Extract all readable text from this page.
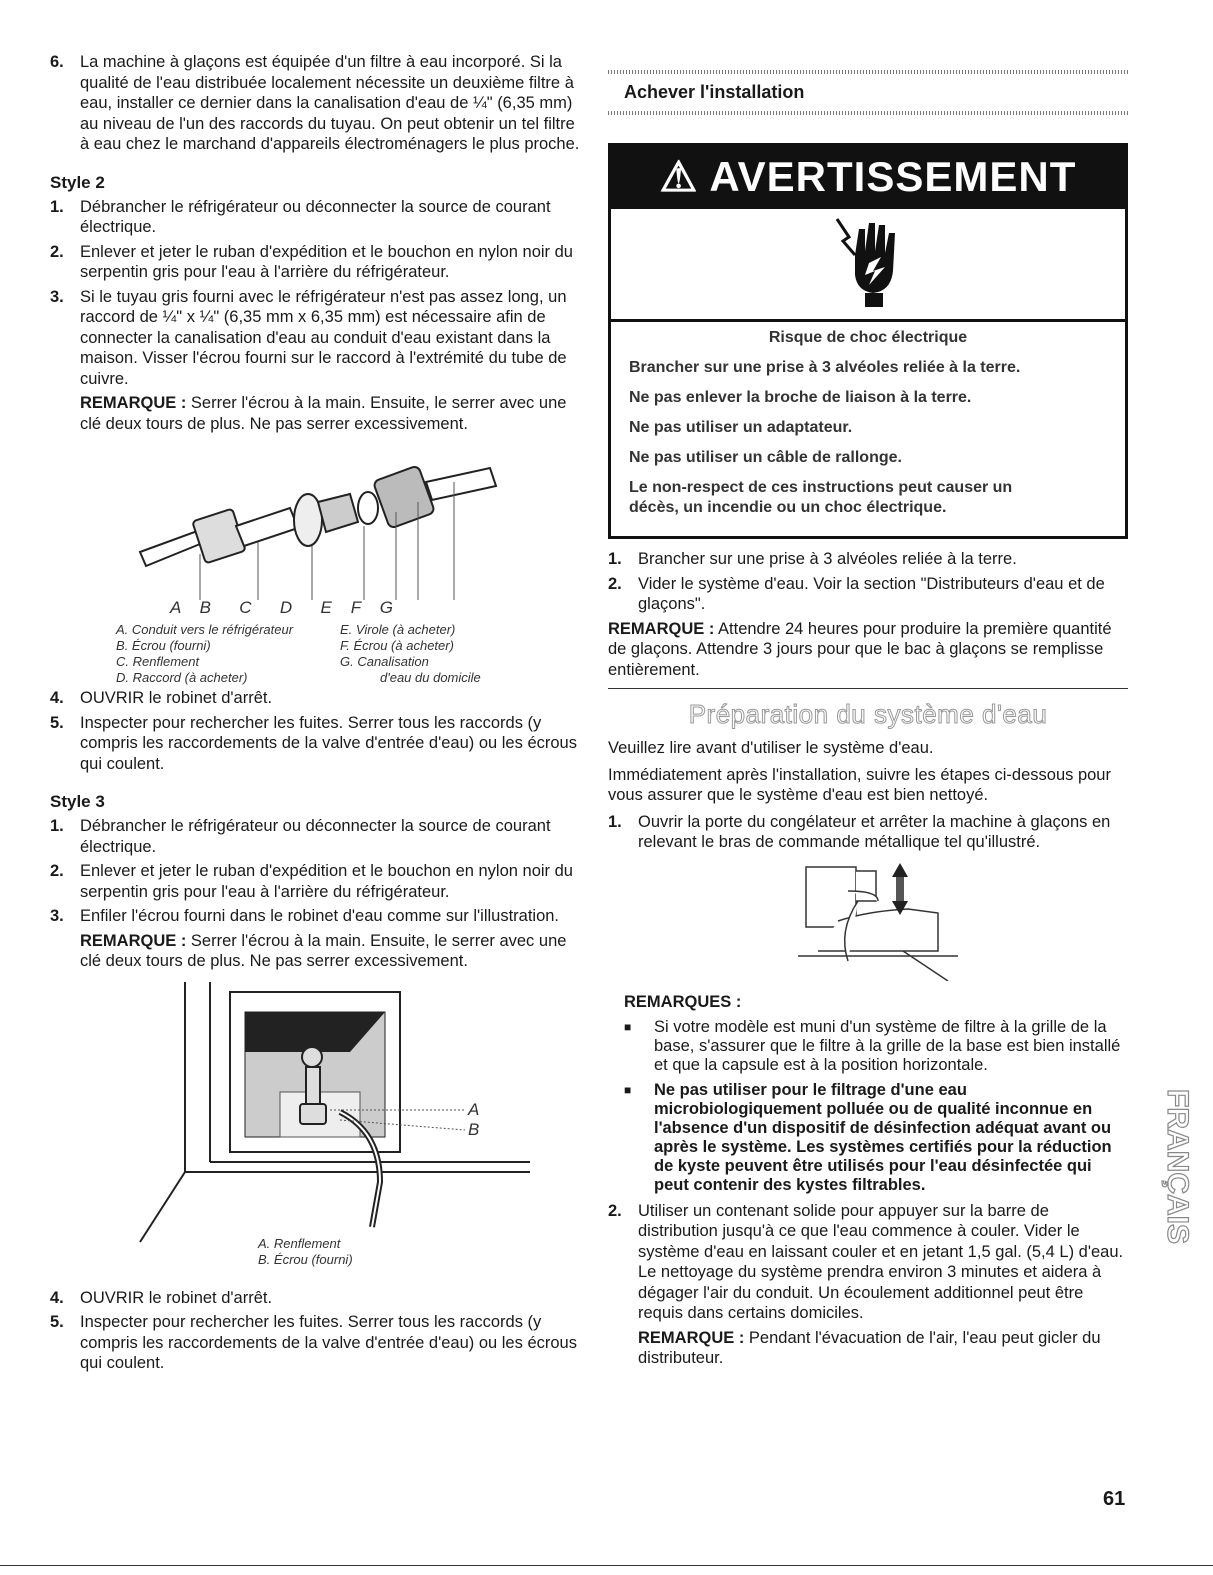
6. La machine à glaçons est équipée d'un filtre à eau incorporé. Si la qualité de l'eau distribuée localement nécessite un deuxième filtre à eau, installer ce dernier dans la canalisation d'eau de ¼" (6,35 mm) au niveau de l'un des raccords du tuyau. On peut obtenir un tel filtre à eau chez le marchand d'appareils électroménagers le plus proche.
Style 2
1. Débrancher le réfrigérateur ou déconnecter la source de courant électrique.
2. Enlever et jeter le ruban d'expédition et le bouchon en nylon noir du serpentin gris pour l'eau à l'arrière du réfrigérateur.
3. Si le tuyau gris fourni avec le réfrigérateur n'est pas assez long, un raccord de ¼" x ¼" (6,35 mm x 6,35 mm) est nécessaire afin de connecter la canalisation d'eau au conduit d'eau existant dans la maison. Visser l'écrou fourni sur le raccord à l'extrémité du tube de cuivre.
REMARQUE : Serrer l'écrou à la main. Ensuite, le serrer avec une clé deux tours de plus. Ne pas serrer excessivement.
A    B      C      D      E    F    G
A. Conduit vers le réfrigérateur
B. Écrou (fourni)
C. Renflement
D. Raccord (à acheter)
E. Virole (à acheter)
F. Écrou (à acheter)
G. Canalisation
d'eau du domicile
4. OUVRIR le robinet d'arrêt.
5. Inspecter pour rechercher les fuites. Serrer tous les raccords (y compris les raccordements de la valve d'entrée d'eau) ou les écrous qui coulent.
Style 3
1. Débrancher le réfrigérateur ou déconnecter la source de courant électrique.
2. Enlever et jeter le ruban d'expédition et le bouchon en nylon noir du serpentin gris pour l'eau à l'arrière du réfrigérateur.
3. Enfiler l'écrou fourni dans le robinet d'eau comme sur l'illustration.
REMARQUE : Serrer l'écrou à la main. Ensuite, le serrer avec une clé deux tours de plus. Ne pas serrer excessivement.
A
B
A. Renflement
B. Écrou (fourni)
4. OUVRIR le robinet d'arrêt.
5. Inspecter pour rechercher les fuites. Serrer tous les raccords (y compris les raccordements de la valve d'entrée d'eau) ou les écrous qui coulent.
Achever l'installation
⚠ AVERTISSEMENT

Risque de choc électrique

Brancher sur une prise à 3 alvéoles reliée à la terre.

Ne pas enlever la broche de liaison à la terre.

Ne pas utiliser un adaptateur.

Ne pas utiliser un câble de rallonge.

Le non-respect de ces instructions peut causer un décès, un incendie ou un choc électrique.

1. Brancher sur une prise à 3 alvéoles reliée à la terre.
2. Vider le système d'eau. Voir la section "Distributeurs d'eau et de glaçons".

REMARQUE : Attendre 24 heures pour produire la première quantité de glaçons. Attendre 3 jours pour que le bac à glaçons se remplisse entièrement.

Préparation du système d'eau

Veuillez lire avant d'utiliser le système d'eau.

Immédiatement après l'installation, suivre les étapes ci-dessous pour vous assurer que le système d'eau est bien nettoyé.

1. Ouvrir la porte du congélateur et arrêter la machine à glaçons en relevant le bras de commande métallique tel qu'illustré.
REMARQUES :
■	Si votre modèle est muni d'un système de filtre à la grille de la base, s'assurer que le filtre à la grille de la base est bien installé et que la capsule est à la position horizontale.
■	Ne pas utiliser pour le filtrage d'une eau microbiologiquement polluée ou de qualité inconnue en l'absence d'un dispositif de désinfection adéquat avant ou après le système. Les systèmes certifiés pour la réduction de kyste peuvent être utilisés pour l'eau désinfectée qui peut contenir des kystes filtrables.
2. Utiliser un contenant solide pour appuyer sur la barre de distribution jusqu'à ce que l'eau commence à couler. Vider le système d'eau en laissant couler et en jetant 1,5 gal. (5,4 L) d'eau. Le nettoyage du système prendra environ 3 minutes et aidera à dégager l'air du conduit. Un écoulement additionnel peut être requis dans certains domiciles.
REMARQUE : Pendant l'évacuation de l'air, l'eau peut gicler du distributeur.
FRANÇAIS
61
